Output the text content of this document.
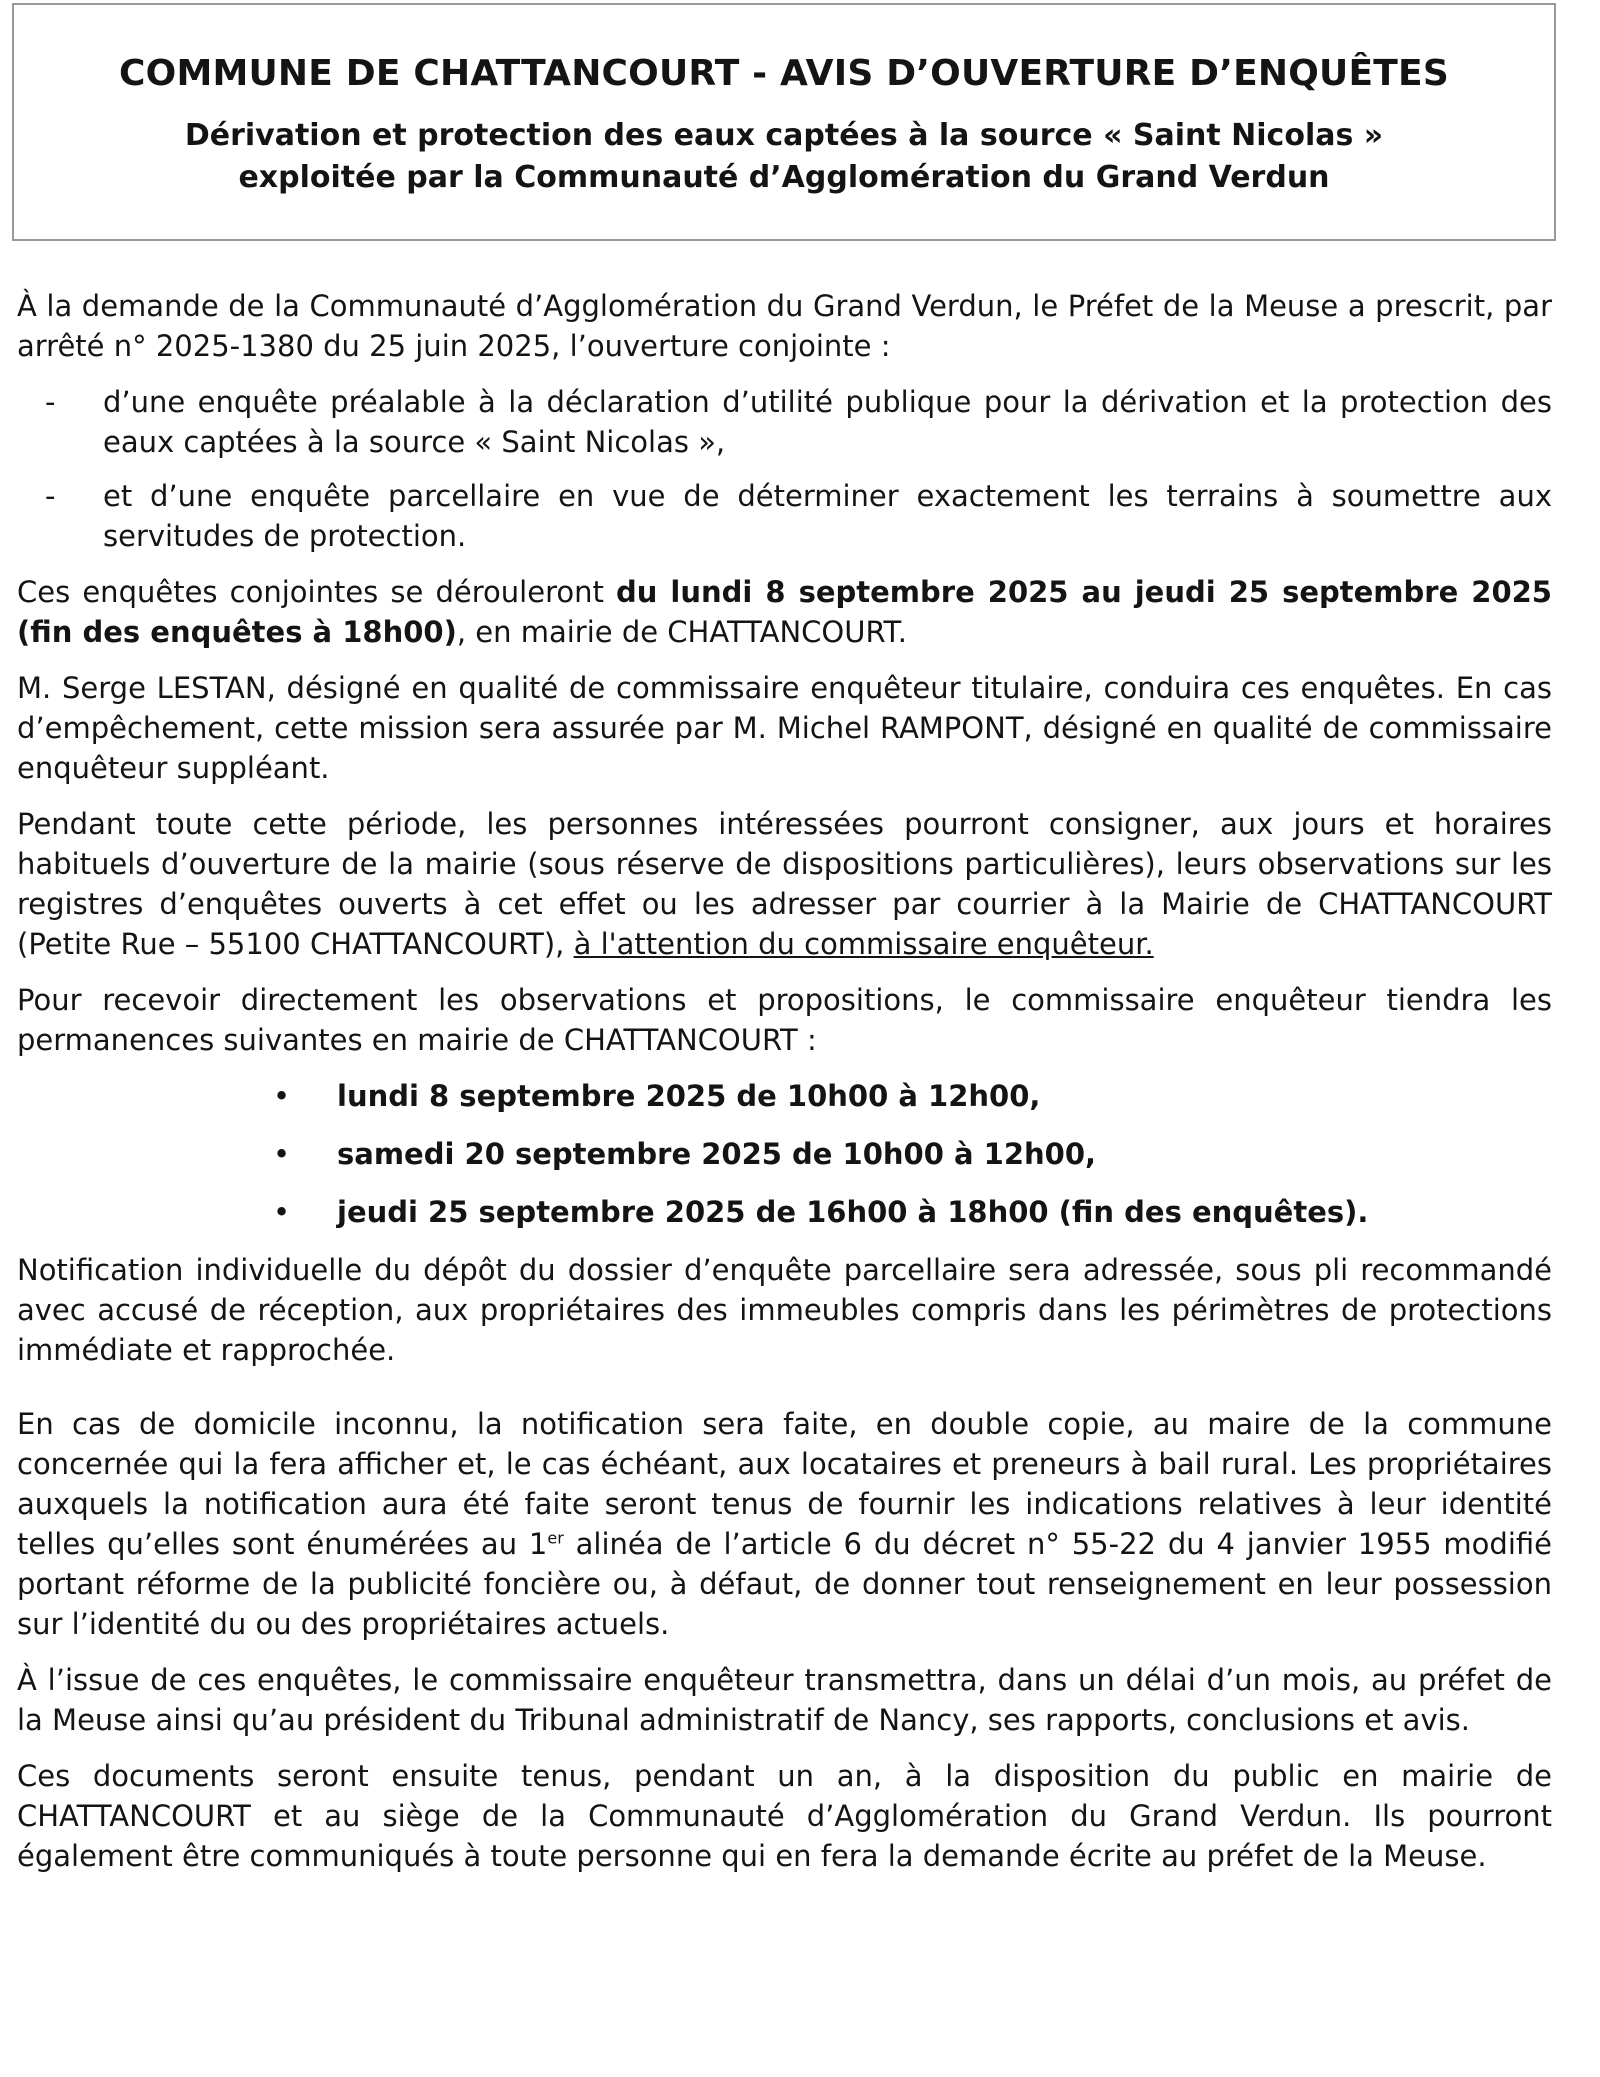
COMMUNE DE CHATTANCOURT - AVIS D’OUVERTURE D’ENQUÊTES
Dérivation et protection des eaux captées à la source « Saint Nicolas »
exploitée par la Communauté d’Agglomération du Grand Verdun

À la demande de la Communauté d’Agglomération du Grand Verdun, le Préfet de la Meuse a prescrit, par arrêté n° 2025-1380 du 25 juin 2025, l’ouverture conjointe :

- d’une enquête préalable à la déclaration d’utilité publique pour la dérivation et la protection des eaux captées à la source « Saint Nicolas »,
- et d’une enquête parcellaire en vue de déterminer exactement les terrains à soumettre aux servitudes de protection.

Ces enquêtes conjointes se dérouleront du lundi 8 septembre 2025 au jeudi 25 septembre 2025 (fin des enquêtes à 18h00), en mairie de CHATTANCOURT.

M. Serge LESTAN, désigné en qualité de commissaire enquêteur titulaire, conduira ces enquêtes. En cas d’empêchement, cette mission sera assurée par M. Michel RAMPONT, désigné en qualité de commissaire enquêteur suppléant.

Pendant toute cette période, les personnes intéressées pourront consigner, aux jours et horaires habituels d’ouverture de la mairie (sous réserve de dispositions particulières), leurs observations sur les registres d’enquêtes ouverts à cet effet ou les adresser par courrier à la Mairie de CHATTANCOURT (Petite Rue – 55100 CHATTANCOURT), à l'attention du commissaire enquêteur.

Pour recevoir directement les observations et propositions, le commissaire enquêteur tiendra les permanences suivantes en mairie de CHATTANCOURT :

• lundi 8 septembre 2025 de 10h00 à 12h00,
• samedi 20 septembre 2025 de 10h00 à 12h00,
• jeudi 25 septembre 2025 de 16h00 à 18h00 (fin des enquêtes).

Notification individuelle du dépôt du dossier d’enquête parcellaire sera adressée, sous pli recommandé avec accusé de réception, aux propriétaires des immeubles compris dans les périmètres de protections immédiate et rapprochée.

En cas de domicile inconnu, la notification sera faite, en double copie, au maire de la commune concernée qui la fera afficher et, le cas échéant, aux locataires et preneurs à bail rural. Les propriétaires auxquels la notification aura été faite seront tenus de fournir les indications relatives à leur identité telles qu’elles sont énumérées au 1er alinéa de l’article 6 du décret n° 55-22 du 4 janvier 1955 modifié portant réforme de la publicité foncière ou, à défaut, de donner tout renseignement en leur possession sur l’identité du ou des propriétaires actuels.

À l’issue de ces enquêtes, le commissaire enquêteur transmettra, dans un délai d’un mois, au préfet de la Meuse ainsi qu’au président du Tribunal administratif de Nancy, ses rapports, conclusions et avis.

Ces documents seront ensuite tenus, pendant un an, à la disposition du public en mairie de CHATTANCOURT et au siège de la Communauté d’Agglomération du Grand Verdun. Ils pourront également être communiqués à toute personne qui en fera la demande écrite au préfet de la Meuse.
